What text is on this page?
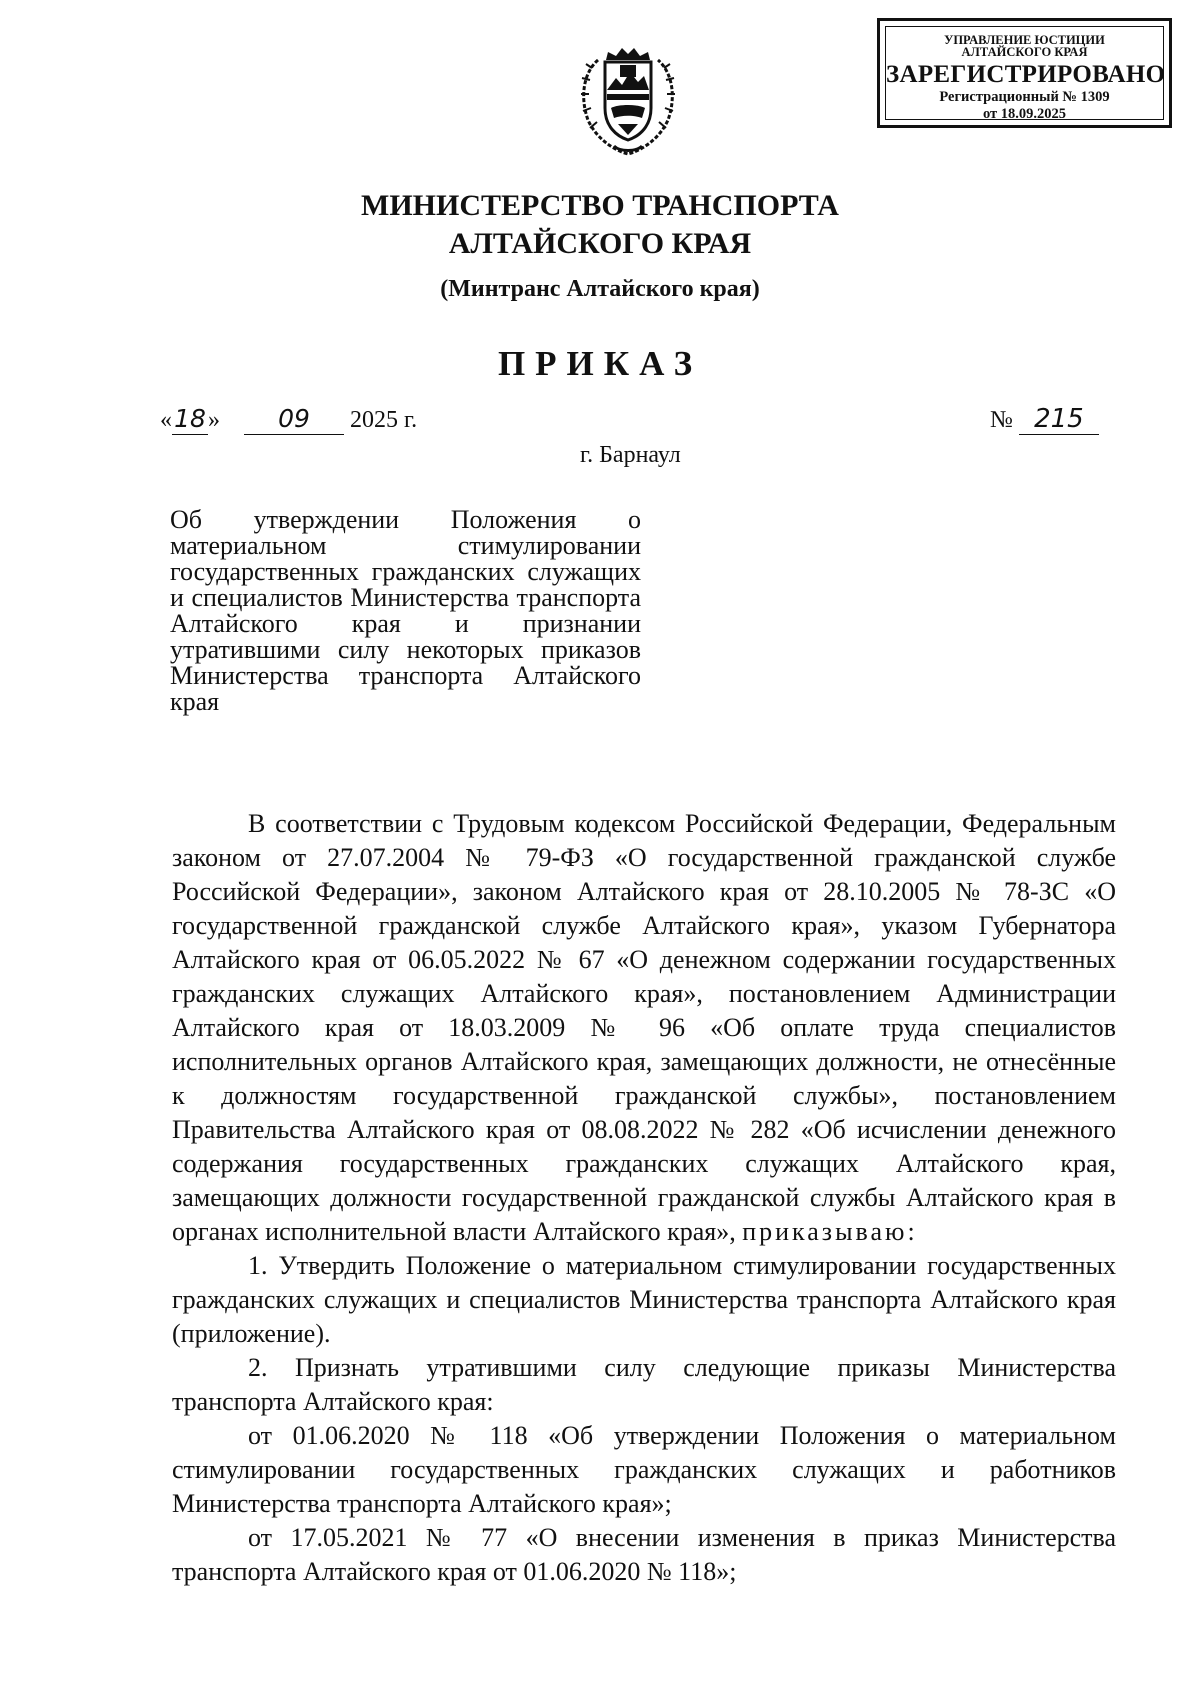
УПРАВЛЕНИЕ ЮСТИЦИИ
АЛТАЙСКОГО КРАЯ
ЗАРЕГИСТРИРОВАНО
Регистрационный № 1309
от 18.09.2025
МИНИСТЕРСТВО ТРАНСПОРТА
АЛТАЙСКОГО КРАЯ
(Минтранс Алтайского края)
ПРИКАЗ
«18» 09 2025 г.	№ 215
г. Барнаул
Об утверждении Положения о материальном стимулировании государственных гражданских служащих и специалистов Министерства транспорта Алтайского края и признании утратившими силу некоторых приказов Министерства транспорта Алтайского края

В соответствии с Трудовым кодексом Российской Федерации, Федеральным законом от 27.07.2004 № 79-ФЗ «О государственной гражданской службе Российской Федерации», законом Алтайского края от 28.10.2005 № 78-ЗС «О государственной гражданской службе Алтайского края», указом Губернатора Алтайского края от 06.05.2022 № 67 «О денежном содержании государственных гражданских служащих Алтайского края», постановлением Администрации Алтайского края от 18.03.2009 № 96 «Об оплате труда специалистов исполнительных органов Алтайского края, замещающих должности, не отнесённые к должностям государственной гражданской службы», постановлением Правительства Алтайского края от 08.08.2022 № 282 «Об исчислении денежного содержания государственных гражданских служащих Алтайского края, замещающих должности государственной гражданской службы Алтайского края в органах исполнительной власти Алтайского края», приказываю:

1. Утвердить Положение о материальном стимулировании государственных гражданских служащих и специалистов Министерства транспорта Алтайского края (приложение).

2. Признать утратившими силу следующие приказы Министерства транспорта Алтайского края:

от 01.06.2020 № 118 «Об утверждении Положения о материальном стимулировании государственных гражданских служащих и работников Министерства транспорта Алтайского края»;

от 17.05.2021 № 77 «О внесении изменения в приказ Министерства транспорта Алтайского края от 01.06.2020 № 118»;
